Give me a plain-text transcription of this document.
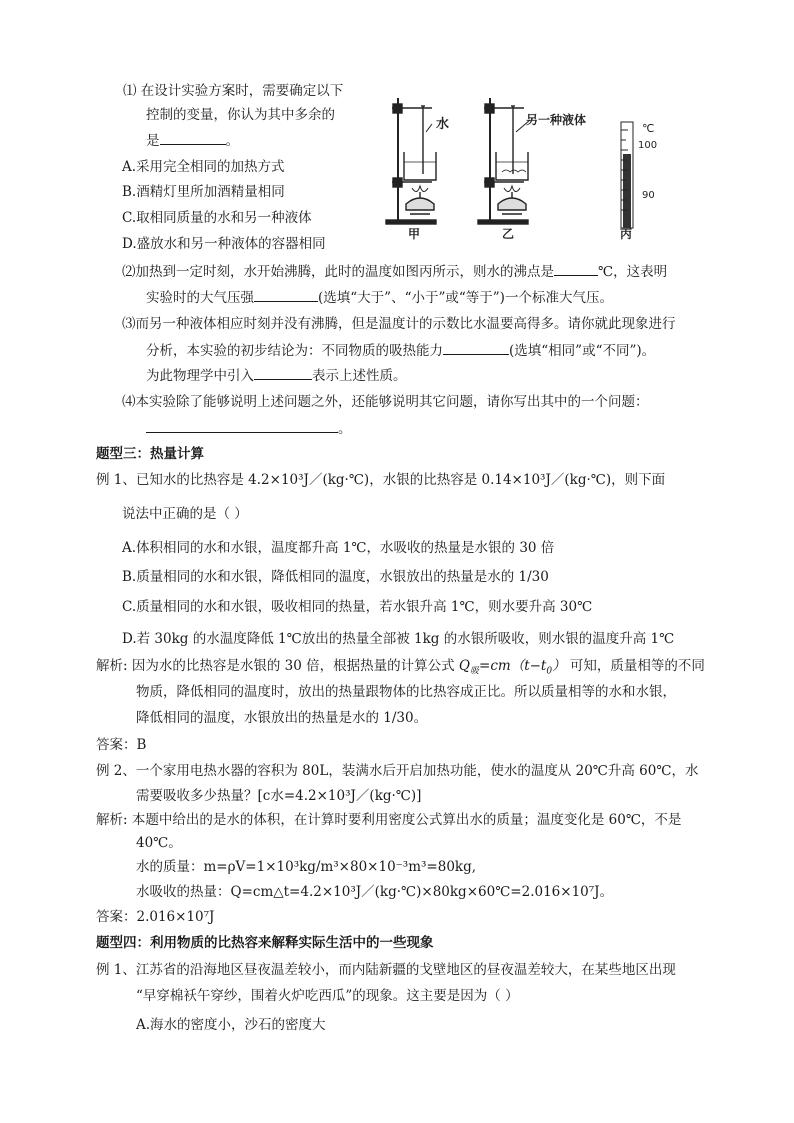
⑴ 在设计实验方案时，需要确定以下
控制的变量，你认为其中多余的
是	。
A.采用完全相同的加热方式
B.酒精灯里所加酒精量相同
C.取相同质量的水和另一种液体
D.盛放水和另一种液体的容器相同
水
甲
另一种液体
乙
℃
100
90
丙
⑵加热到一定时刻，水开始沸腾，此时的温度如图丙所示，则水的沸点是	℃，这表明
实验时的大气压强	(选填“大于”、“小于”或“等于”)一个标准大气压。
⑶而另一种液体相应时刻并没有沸腾，但是温度计的示数比水温要高得多。请你就此现象进行
分析，本实验的初步结论为：不同物质的吸热能力	(选填“相同”或“不同”)。
为此物理学中引入	表示上述性质。
⑷本实验除了能够说明上述问题之外，还能够说明其它问题，请你写出其中的一个问题：
。
题型三：热量计算
例 1、已知水的比热容是 4.2×10³J／(kg·℃)，水银的比热容是 0.14×10³J／(kg·℃)，则下面
说法中正确的是（ ）
A.体积相同的水和水银，温度都升高 1℃，水吸收的热量是水银的 30 倍
B.质量相同的水和水银，降低相同的温度，水银放出的热量是水的 1/30
C.质量相同的水和水银，吸收相同的热量，若水银升高 1℃，则水要升高 30℃
D.若 30kg 的水温度降低 1℃放出的热量全部被 1kg 的水银所吸收，则水银的温度升高 1℃
解析: 因为水的比热容是水银的 30 倍，根据热量的计算公式 $Q_吸=cm(t-t_0)$ 可知，质量相等的不同
物质，降低相同的温度时，放出的热量跟物体的比热容成正比。所以质量相等的水和水银，
降低相同的温度，水银放出的热量是水的 1/30。
答案：B
例 2、一个家用电热水器的容积为 80L，装满水后开启加热功能，使水的温度从 20℃升高 60℃，水
需要吸收多少热量？[c水=4.2×10³J／(kg·℃)]
解析: 本题中给出的是水的体积，在计算时要利用密度公式算出水的质量；温度变化是 60℃，不是
40℃。
水的质量：m=ρV=1×10³kg/m³×80×10⁻³m³=80kg,
水吸收的热量：Q=cm△t=4.2×10³J／(kg·℃)×80kg×60℃=2.016×10⁷J。
答案：2.016×10⁷J
题型四：利用物质的比热容来解释实际生活中的一些现象
例 1、江苏省的沿海地区昼夜温差较小，而内陆新疆的戈壁地区的昼夜温差较大，在某些地区出现
“早穿棉袄午穿纱，围着火炉吃西瓜”的现象。这主要是因为（ ）
A.海水的密度小，沙石的密度大
